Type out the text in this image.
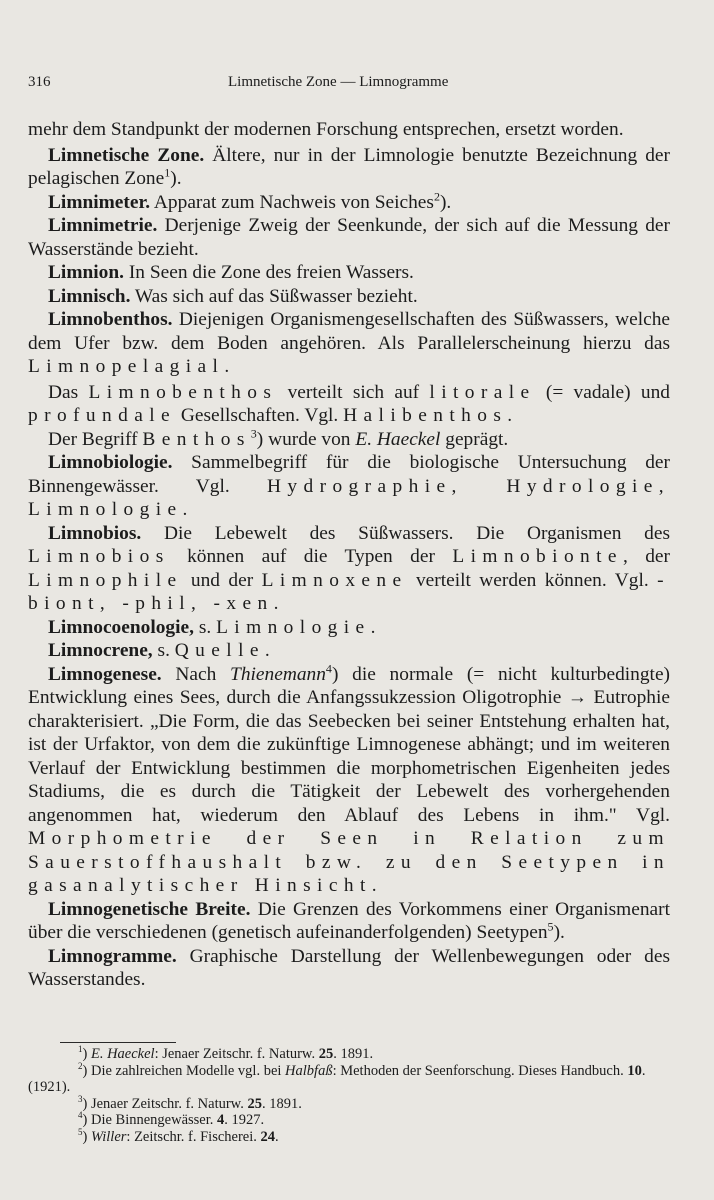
316	Limnetische Zone — Limnogramme

mehr dem Standpunkt der modernen Forschung entsprechen, ersetzt worden.

Limnetische Zone. Ältere, nur in der Limnologie benutzte Bezeichnung der pelagischen Zone$^1$).

Limnimeter. Apparat zum Nachweis von Seiches$^2$).

Limnimetrie. Derjenige Zweig der Seenkunde, der sich auf die Messung der Wasserstände bezieht.

Limnion. In Seen die Zone des freien Wassers.

Limnisch. Was sich auf das Süßwasser bezieht.

Limnobenthos. Diejenigen Organismengesellschaften des Süßwassers, welche dem Ufer bzw. dem Boden angehören. Als Parallelerscheinung hierzu das Limnopelagial.

Das Limnobenthos verteilt sich auf litorale (= vadale) und profundale Gesellschaften. Vgl. Halibenthos.

Der Begriff Benthos$^3$) wurde von E. Haeckel geprägt.

Limnobiologie. Sammelbegriff für die biologische Untersuchung der Binnengewässer. Vgl. Hydrographie, Hydrologie, Limnologie.

Limnobios. Die Lebewelt des Süßwassers. Die Organismen des Limnobios können auf die Typen der Limnobionte, der Limnophile und der Limnoxene verteilt werden können. Vgl. -biont, -phil, -xen.

Limnocoenologie, s. Limnologie.

Limnocrene, s. Quelle.

Limnogenese. Nach Thienemann$^4$) die normale (= nicht kulturbedingte) Entwicklung eines Sees, durch die Anfangssukzession Oligotrophie → Eutrophie charakterisiert. „Die Form, die das Seebecken bei seiner Entstehung erhalten hat, ist der Urfaktor, von dem die zukünftige Limnogenese abhängt; und im weiteren Verlauf der Entwicklung bestimmen die morphometrischen Eigenheiten jedes Stadiums, die es durch die Tätigkeit der Lebewelt des vorhergehenden angenommen hat, wiederum den Ablauf des Lebens in ihm." Vgl. Morphometrie der Seen in Relation zum Sauerstoffhaushalt bzw. zu den Seetypen in gasanalytischer Hinsicht.

Limnogenetische Breite. Die Grenzen des Vorkommens einer Organismenart über die verschiedenen (genetisch aufeinanderfolgenden) Seetypen$^5$).

Limnogramme. Graphische Darstellung der Wellenbewegungen oder des Wasserstandes.

$^1$) E. Haeckel: Jenaer Zeitschr. f. Naturw. 25. 1891.

$^2$) Die zahlreichen Modelle vgl. bei Halbfaß: Methoden der Seenforschung. Dieses Handbuch. 10. (1921).

$^3$) Jenaer Zeitschr. f. Naturw. 25. 1891.

$^4$) Die Binnengewässer. 4. 1927.

$^5$) Willer: Zeitschr. f. Fischerei. 24.
